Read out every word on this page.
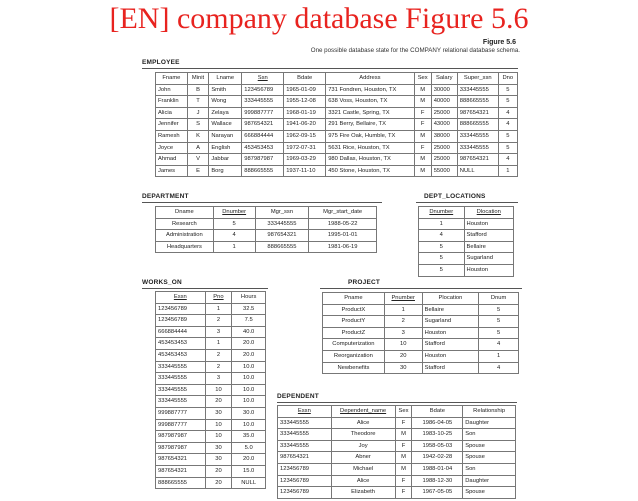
[EN] company database Figure 5.6
Figure 5.6
One possible database state for the COMPANY relational database schema.
EMPLOYEE
Fname	Minit	Lname	Ssn	Bdate	Address	Sex	Salary	Super_ssn	Dno
John	B	Smith	123456789	1965-01-09	731 Fondren, Houston, TX	M	30000	333445555	5
Franklin	T	Wong	333445555	1955-12-08	638 Voss, Houston, TX	M	40000	888665555	5
Alicia	J	Zelaya	999887777	1968-01-19	3321 Castle, Spring, TX	F	25000	987654321	4
Jennifer	S	Wallace	987654321	1941-06-20	291 Berry, Bellaire, TX	F	43000	888665555	4
Ramesh	K	Narayan	666884444	1962-09-15	975 Fire Oak, Humble, TX	M	38000	333445555	5
Joyce	A	English	453453453	1972-07-31	5631 Rice, Houston, TX	F	25000	333445555	5
Ahmad	V	Jabbar	987987987	1969-03-29	980 Dallas, Houston, TX	M	25000	987654321	4
James	E	Borg	888665555	1937-11-10	450 Stone, Houston, TX	M	55000	NULL	1
DEPARTMENT
Dname	Dnumber	Mgr_ssn	Mgr_start_date
Research	5	333445555	1988-05-22
Administration	4	987654321	1995-01-01
Headquarters	1	888665555	1981-06-19
DEPT_LOCATIONS
Dnumber	Dlocation
1	Houston
4	Stafford
5	Bellaire
5	Sugarland
5	Houston
WORKS_ON
Essn	Pno	Hours
123456789	1	32.5
123456789	2	7.5
666884444	3	40.0
453453453	1	20.0
453453453	2	20.0
333445555	2	10.0
333445555	3	10.0
333445555	10	10.0
333445555	20	10.0
999887777	30	30.0
999887777	10	10.0
987987987	10	35.0
987987987	30	5.0
987654321	30	20.0
987654321	20	15.0
888665555	20	NULL
PROJECT
Pname	Pnumber	Plocation	Dnum
ProductX	1	Bellaire	5
ProductY	2	Sugarland	5
ProductZ	3	Houston	5
Computerization	10	Stafford	4
Reorganization	20	Houston	1
Newbenefits	30	Stafford	4
DEPENDENT
Essn	Dependent_name	Sex	Bdate	Relationship
333445555	Alice	F	1986-04-05	Daughter
333445555	Theodore	M	1983-10-25	Son
333445555	Joy	F	1958-05-03	Spouse
987654321	Abner	M	1942-02-28	Spouse
123456789	Michael	M	1988-01-04	Son
123456789	Alice	F	1988-12-30	Daughter
123456789	Elizabeth	F	1967-05-05	Spouse
